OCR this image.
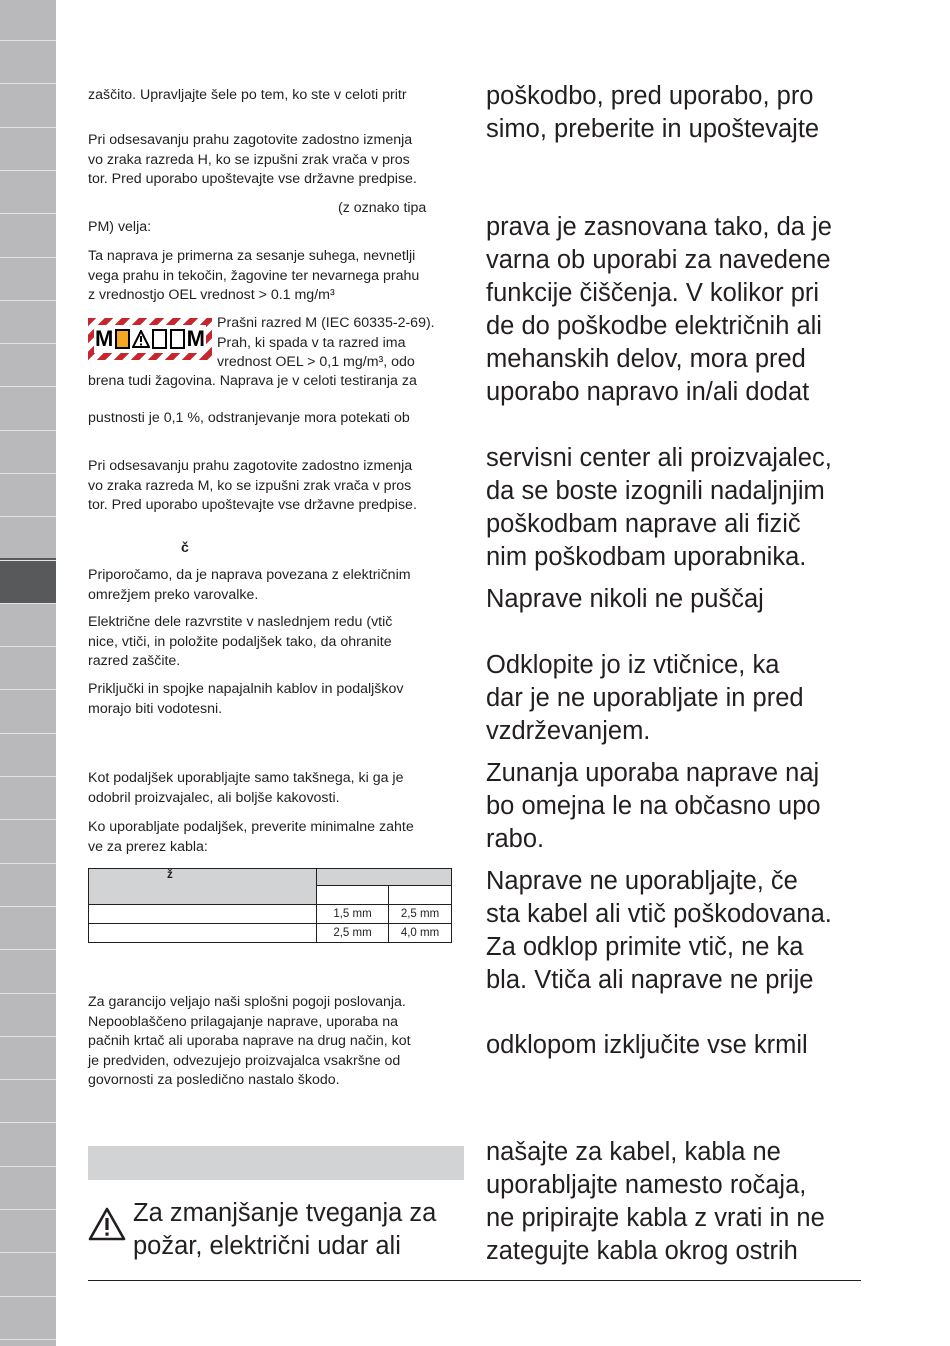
zaščito. Upravljajte šele po tem, ko ste v celoti pritr
Pri odsesavanju prahu zagotovite zadostno izmenja
vo zraka razreda H, ko se izpušni zrak vrača v pros
tor. Pred uporabo upoštevajte vse državne predpise.
(z oznako tipa
PM) velja:
Ta naprava je primerna za sesanje suhega, nevnetlji
vega prahu in tekočin, žagovine ter nevarnega prahu
z vrednostjo OEL vrednost > 0.1 mg/m³
M	M
Prašni razred M (IEC 60335-2-69).
Prah, ki spada v ta razred ima
vrednost OEL > 0,1 mg/m³, odo
brena tudi žagovina. Naprava je v celoti testiranja za
pustnosti je 0,1 %, odstranjevanje mora potekati ob
Pri odsesavanju prahu zagotovite zadostno izmenja
vo zraka razreda M, ko se izpušni zrak vrača v pros
tor. Pred uporabo upoštevajte vse državne predpise.
č
Priporočamo, da je naprava povezana z električnim
omrežjem preko varovalke.
Električne dele razvrstite v naslednjem redu (vtič
nice, vtiči, in položite podaljšek tako, da ohranite
razred zaščite.
Priključki in spojke napajalnih kablov in podaljškov
morajo biti vodotesni.
Kot podaljšek uporabljajte samo takšnega, ki ga je
odobril proizvajalec, ali boljše kakovosti.
Ko uporabljate podaljšek, preverite minimalne zahte
ve za prerez kabla:
ž		

	1,5 mm	2,5 mm
	2,5 mm	4,0 mm
Za garancijo veljajo naši splošni pogoji poslovanja.
Nepooblaščeno prilagajanje naprave, uporaba na
pačnih krtač ali uporaba naprave na drug način, kot
je predviden, odvezujejo proizvajalca vsakršne od
govornosti za posledično nastalo škodo.
Za zmanjšanje tveganja za
požar, električni udar ali
poškodbo, pred uporabo, pro
simo, preberite in upoštevajte
prava je zasnovana tako, da je
varna ob uporabi za navedene
funkcije čiščenja. V kolikor pri
de do poškodbe električnih ali
mehanskih delov, mora pred
uporabo napravo in/ali dodat
servisni center ali proizvajalec,
da se boste izognili nadaljnjim
poškodbam naprave ali fizič
nim poškodbam uporabnika.
Naprave nikoli ne puščaj
Odklopite jo iz vtičnice, ka
dar je ne uporabljate in pred
vzdrževanjem.
Zunanja uporaba naprave naj
bo omejna le na občasno upo
rabo.
Naprave ne uporabljajte, če
sta kabel ali vtič poškodovana.
Za odklop primite vtič, ne ka
bla. Vtiča ali naprave ne prije
odklopom izključite vse krmil
našajte za kabel, kabla ne
uporabljajte namesto ročaja,
ne pripirajte kabla z vrati in ne
zategujte kabla okrog ostrih
